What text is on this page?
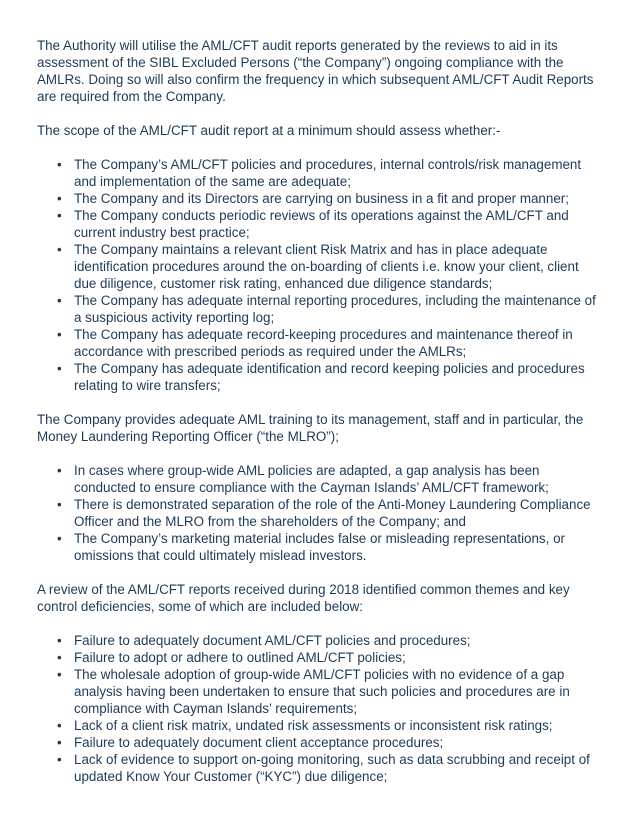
The Authority will utilise the AML/CFT audit reports generated by the reviews to aid in its assessment of the SIBL Excluded Persons (“the Company”) ongoing compliance with the AMLRs. Doing so will also confirm the frequency in which subsequent AML/CFT Audit Reports are required from the Company.

The scope of the AML/CFT audit report at a minimum should assess whether:-

• The Company’s AML/CFT policies and procedures, internal controls/risk management and implementation of the same are adequate;
• The Company and its Directors are carrying on business in a fit and proper manner;
• The Company conducts periodic reviews of its operations against the AML/CFT and current industry best practice;
• The Company maintains a relevant client Risk Matrix and has in place adequate identification procedures around the on-boarding of clients i.e. know your client, client due diligence, customer risk rating, enhanced due diligence standards;
• The Company has adequate internal reporting procedures, including the maintenance of a suspicious activity reporting log;
• The Company has adequate record-keeping procedures and maintenance thereof in accordance with prescribed periods as required under the AMLRs;
• The Company has adequate identification and record keeping policies and procedures relating to wire transfers;

The Company provides adequate AML training to its management, staff and in particular, the Money Laundering Reporting Officer (“the MLRO”);

• In cases where group-wide AML policies are adapted, a gap analysis has been conducted to ensure compliance with the Cayman Islands’ AML/CFT framework;
• There is demonstrated separation of the role of the Anti-Money Laundering Compliance Officer and the MLRO from the shareholders of the Company; and
• The Company’s marketing material includes false or misleading representations, or omissions that could ultimately mislead investors.

A review of the AML/CFT reports received during 2018 identified common themes and key control deficiencies, some of which are included below:

• Failure to adequately document AML/CFT policies and procedures;
• Failure to adopt or adhere to outlined AML/CFT policies;
• The wholesale adoption of group-wide AML/CFT policies with no evidence of a gap analysis having been undertaken to ensure that such policies and procedures are in compliance with Cayman Islands’ requirements;
• Lack of a client risk matrix, undated risk assessments or inconsistent risk ratings;
• Failure to adequately document client acceptance procedures;
• Lack of evidence to support on-going monitoring, such as data scrubbing and receipt of updated Know Your Customer (“KYC”) due diligence;
